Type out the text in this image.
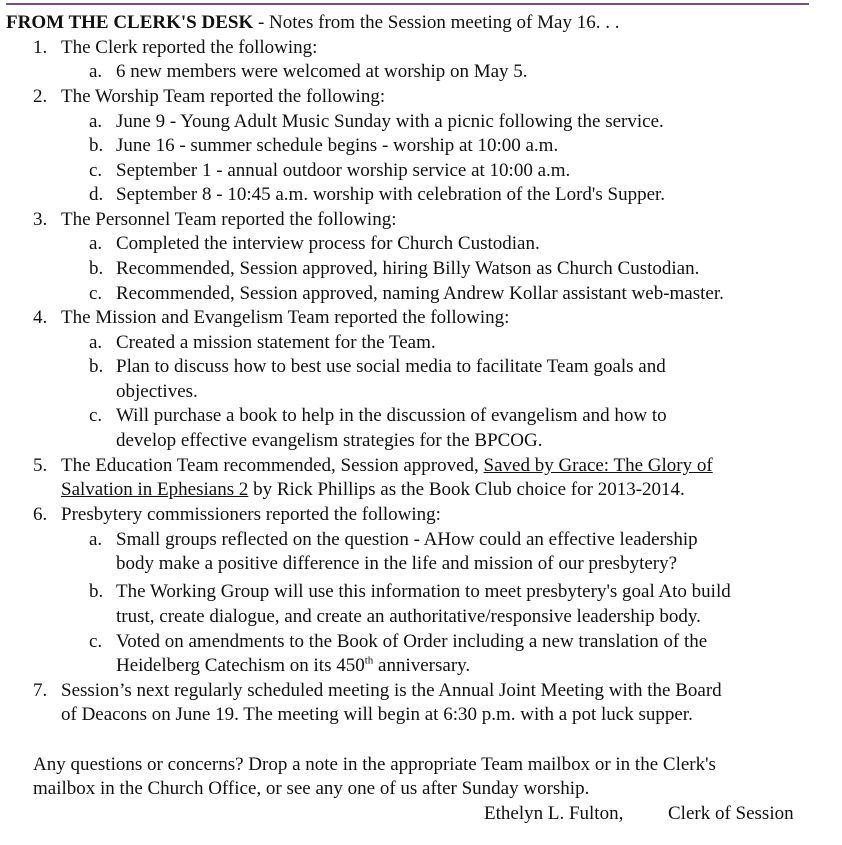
FROM THE CLERK'S DESK - Notes from the Session meeting of May 16. . .
1. The Clerk reported the following:
a. 6 new members were welcomed at worship on May 5.
2. The Worship Team reported the following:
a. June 9 - Young Adult Music Sunday with a picnic following the service.
b. June 16 - summer schedule begins - worship at 10:00 a.m.
c. September 1 - annual outdoor worship service at 10:00 a.m.
d. September 8 - 10:45 a.m. worship with celebration of the Lord's Supper.
3. The Personnel Team reported the following:
a. Completed the interview process for Church Custodian.
b. Recommended, Session approved, hiring Billy Watson as Church Custodian.
c. Recommended, Session approved, naming Andrew Kollar assistant web-master.
4. The Mission and Evangelism Team reported the following:
a. Created a mission statement for the Team.
b. Plan to discuss how to best use social media to facilitate Team goals and
objectives.
c. Will purchase a book to help in the discussion of evangelism and how to
develop effective evangelism strategies for the BPCOG.
5. The Education Team recommended, Session approved, Saved by Grace: The Glory of
Salvation in Ephesians 2 by Rick Phillips as the Book Club choice for 2013-2014.
6. Presbytery commissioners reported the following:
a. Small groups reflected on the question - AHow could an effective leadership
body make a positive difference in the life and mission of our presbytery?
b. The Working Group will use this information to meet presbytery's goal Ato build
trust, create dialogue, and create an authoritative/responsive leadership body.
c. Voted on amendments to the Book of Order including a new translation of the
Heidelberg Catechism on its 450th anniversary.
7. Session’s next regularly scheduled meeting is the Annual Joint Meeting with the Board
of Deacons on June 19. The meeting will begin at 6:30 p.m. with a pot luck supper.
Any questions or concerns? Drop a note in the appropriate Team mailbox or in the Clerk's
mailbox in the Church Office, or see any one of us after Sunday worship.
Ethelyn L. Fulton, Clerk of Session
